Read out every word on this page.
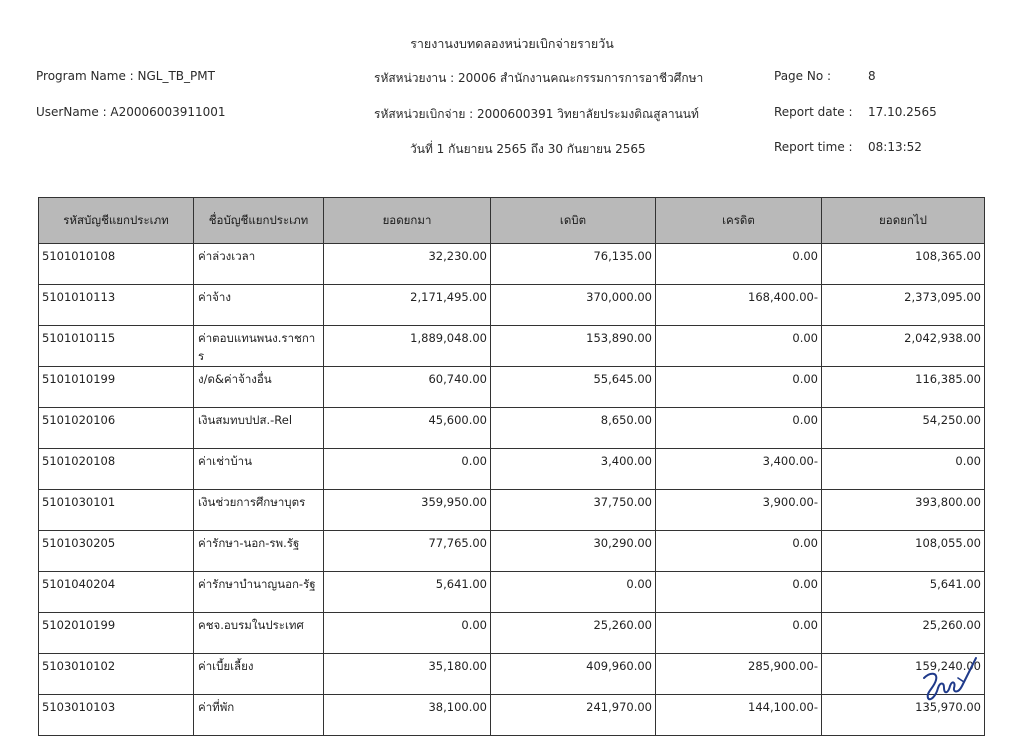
รายงานงบทดลองหน่วยเบิกจ่ายรายวัน
Program Name : NGL_TB_PMT	รหัสหน่วยงาน : 20006 สำนักงานคณะกรรมการการอาชีวศึกษา	Page No :	8
UserName : A20006003911001	รหัสหน่วยเบิกจ่าย : 2000600391 วิทยาลัยประมงติณสูลานนท์	Report date : 17.10.2565
วันที่ 1 กันยายน 2565 ถึง 30 กันยายน 2565	Report time : 08:13:52
รหัสบัญชีแยกประเภท	ชื่อบัญชีแยกประเภท	ยอดยกมา	เดบิต	เครดิต	ยอดยกไป
5101010108	ค่าล่วงเวลา	32,230.00	76,135.00	0.00	108,365.00
5101010113	ค่าจ้าง	2,171,495.00	370,000.00	168,400.00-	2,373,095.00
5101010115	ค่าตอบแทนพนง.ราชการ	1,889,048.00	153,890.00	0.00	2,042,938.00
5101010199	ง/ด&ค่าจ้างอื่น	60,740.00	55,645.00	0.00	116,385.00
5101020106	เงินสมทบปปส.-Rel	45,600.00	8,650.00	0.00	54,250.00
5101020108	ค่าเช่าบ้าน	0.00	3,400.00	3,400.00-	0.00
5101030101	เงินช่วยการศึกษาบุตร	359,950.00	37,750.00	3,900.00-	393,800.00
5101030205	ค่ารักษา-นอก-รพ.รัฐ	77,765.00	30,290.00	0.00	108,055.00
5101040204	ค่ารักษาบำนาญนอก-รัฐ	5,641.00	0.00	0.00	5,641.00
5102010199	คชจ.อบรมในประเทศ	0.00	25,260.00	0.00	25,260.00
5103010102	ค่าเบี้ยเลี้ยง	35,180.00	409,960.00	285,900.00-	159,240.00
5103010103	ค่าที่พัก	38,100.00	241,970.00	144,100.00-	135,970.00
